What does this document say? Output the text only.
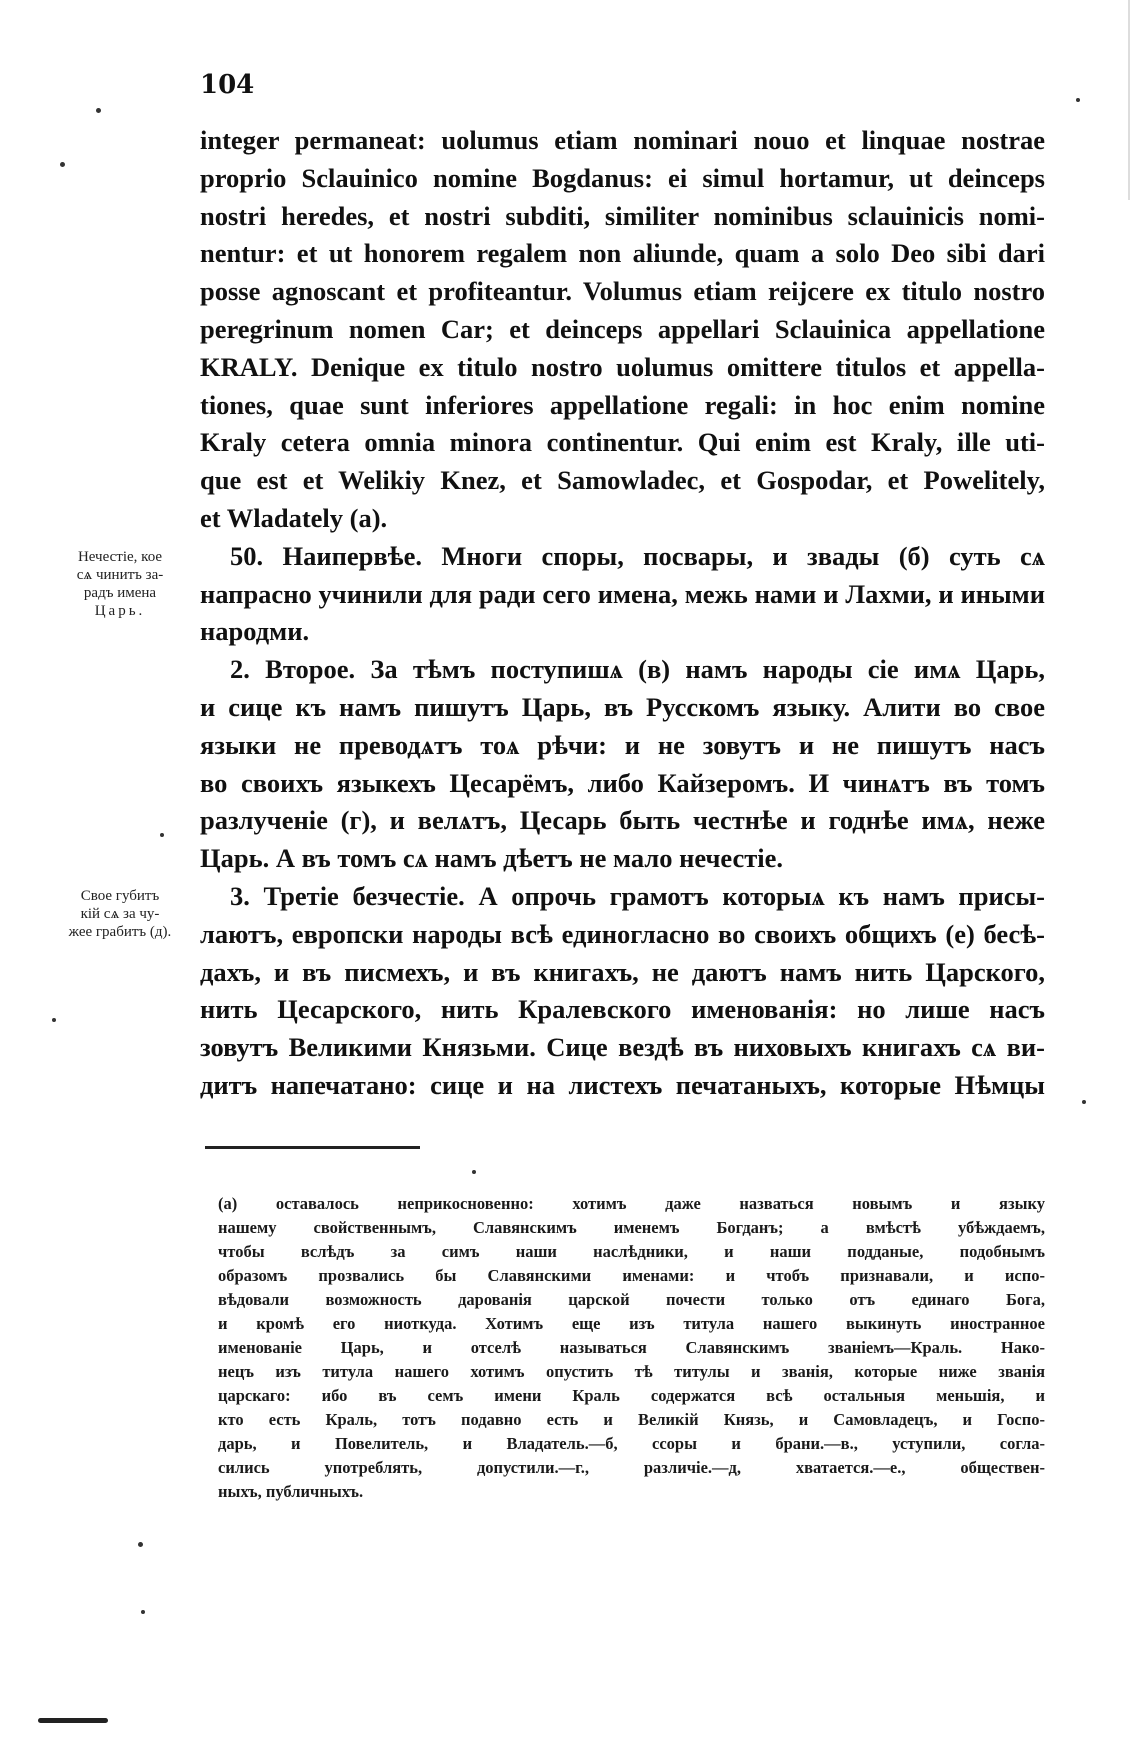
104
integer permaneat: uolumus etiam nominari nouo et linquae nostrae
proprio Sclauinico nomine Bogdanus: ei simul hortamur, ut deinceps
nostri heredes, et nostri subditi, similiter nominibus sclauinicis nomi-
nentur: et ut honorem regalem non aliunde, quam a solo Deo sibi dari
posse agnoscant et profiteantur. Volumus etiam reijcere ex titulo nostro
peregrinum nomen Car; et deinceps appellari Sclauinica appellatione
KRALY. Denique ex titulo nostro uolumus omittere titulos et appella-
tiones, quae sunt inferiores appellatione regali: in hoc enim nomine
Kraly cetera omnia minora continentur. Qui enim est Kraly, ille uti-
que est et Welikiy Knez, et Samowladec, et Gospodar, et Powelitely,
et Wladately (а).
50. Наипервѣе. Многи споры, посвары, и звады (б) суть сѧ
напрасно учинили для ради сего имена, межь нами и Лахми, и иными
народми.
2. Второе. За тѣмъ поступишѧ (в) намъ народы сіе имѧ Царь,
и сице къ намъ пишутъ Царь, въ Русскомъ языку. Алити во свое
языки не преводѧтъ тоѧ рѣчи: и не зовутъ и не пишутъ насъ
во своихъ языкехъ Цесарёмъ, либо Кайзеромъ. И чинѧтъ въ томъ
разлученіе (г), и велѧтъ, Цесарь быть честнѣе и годнѣе имѧ, неже
Царь. А въ томъ сѧ намъ дѣетъ не мало нечестіе.
3. Третіе безчестіе. А опрочь грамотъ которыѧ къ намъ присы-
лаютъ, европски народы всѣ единогласно во своихъ общихъ (е) бесѣ-
дахъ, и въ писмехъ, и въ книгахъ, не даютъ намъ нить Царского,
нить Цесарского, нить Кралевского именованія: но лише насъ
зовутъ Великими Князьми. Сице вездѣ въ ниховыхъ книгахъ сѧ ви-
дитъ напечатано: сице и на листехъ печатаныхъ, которые Нѣмцы
Нечестіе, кое
сѧ чинитъ за-
радъ имена
Царь.
Свое губитъ
кій сѧ за чу-
жее грабитъ (д).
(а) оставалось неприкосновенно: хотимъ даже назваться новымъ и языку
нашему свойственнымъ, Славянскимъ именемъ Богданъ; а вмѣстѣ убѣждаемъ,
чтобы вслѣдъ за симъ наши наслѣдники, и наши подданые, подобнымъ
образомъ прозвались бы Славянскими именами: и чтобъ признавали, и испо-
вѣдовали возможность дарованія царской почести только отъ единаго Бога,
и кромѣ его ниоткуда. Хотимъ еще изъ титула нашего выкинуть иностранное
именованіе Царь, и отселѣ называться Славянскимъ званіемъ—Краль. Нако-
нецъ изъ титула нашего хотимъ опустить тѣ титулы и званія, которые ниже званія
царскаго: ибо въ семъ имени Краль содержатся всѣ остальныя меньшія, и
кто есть Краль, тотъ подавно есть и Великій Князь, и Самовладецъ, и Госпо-
дарь, и Повелитель, и Владатель.—б, ссоры и брани.—в., уступили, согла-
сились употреблять, допустили.—г., различіе.—д, хватается.—е., обществен-
ныхъ, публичныхъ.
